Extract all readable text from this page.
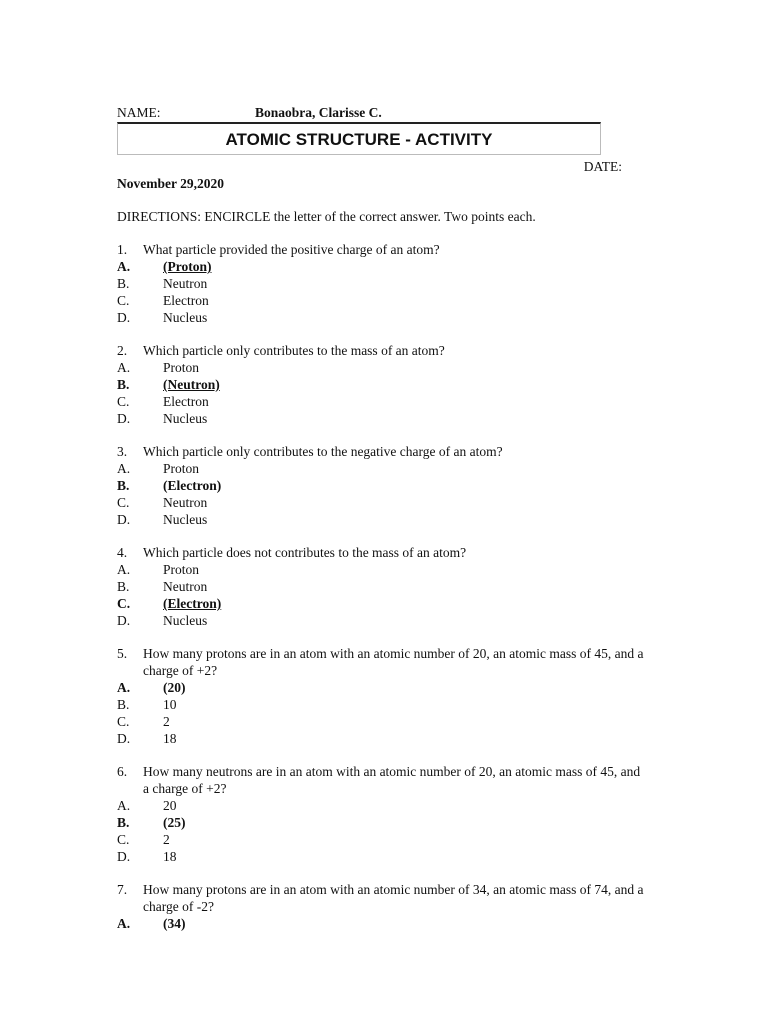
NAME:	Bonaobra, Clarisse C.
ATOMIC STRUCTURE - ACTIVITY
DATE:
November 29,2020
DIRECTIONS: ENCIRCLE the letter of the correct answer. Two points each.
1.	What particle provided the positive charge of an atom?
A.	(Proton)
B.	Neutron
C.	Electron
D.	Nucleus
2.	Which particle only contributes to the mass of an atom?
A.	Proton
B.	(Neutron)
C.	Electron
D.	Nucleus
3.	Which particle only contributes to the negative charge of an atom?
A.	Proton
B.	(Electron)
C.	Neutron
D.	Nucleus
4.	Which particle does not contributes to the mass of an atom?
A.	Proton
B.	Neutron
C.	(Electron)
D.	Nucleus
5.	How many protons are in an atom with an atomic number of 20, an atomic mass of 45, and a charge of +2?
A.	(20)
B.	10
C.	2
D.	18
6.	How many neutrons are in an atom with an atomic number of 20, an atomic mass of 45, and a charge of +2?
A.	20
B.	(25)
C.	2
D.	18
7.	How many protons are in an atom with an atomic number of 34, an atomic mass of 74, and a charge of -2?
A.	(34)
